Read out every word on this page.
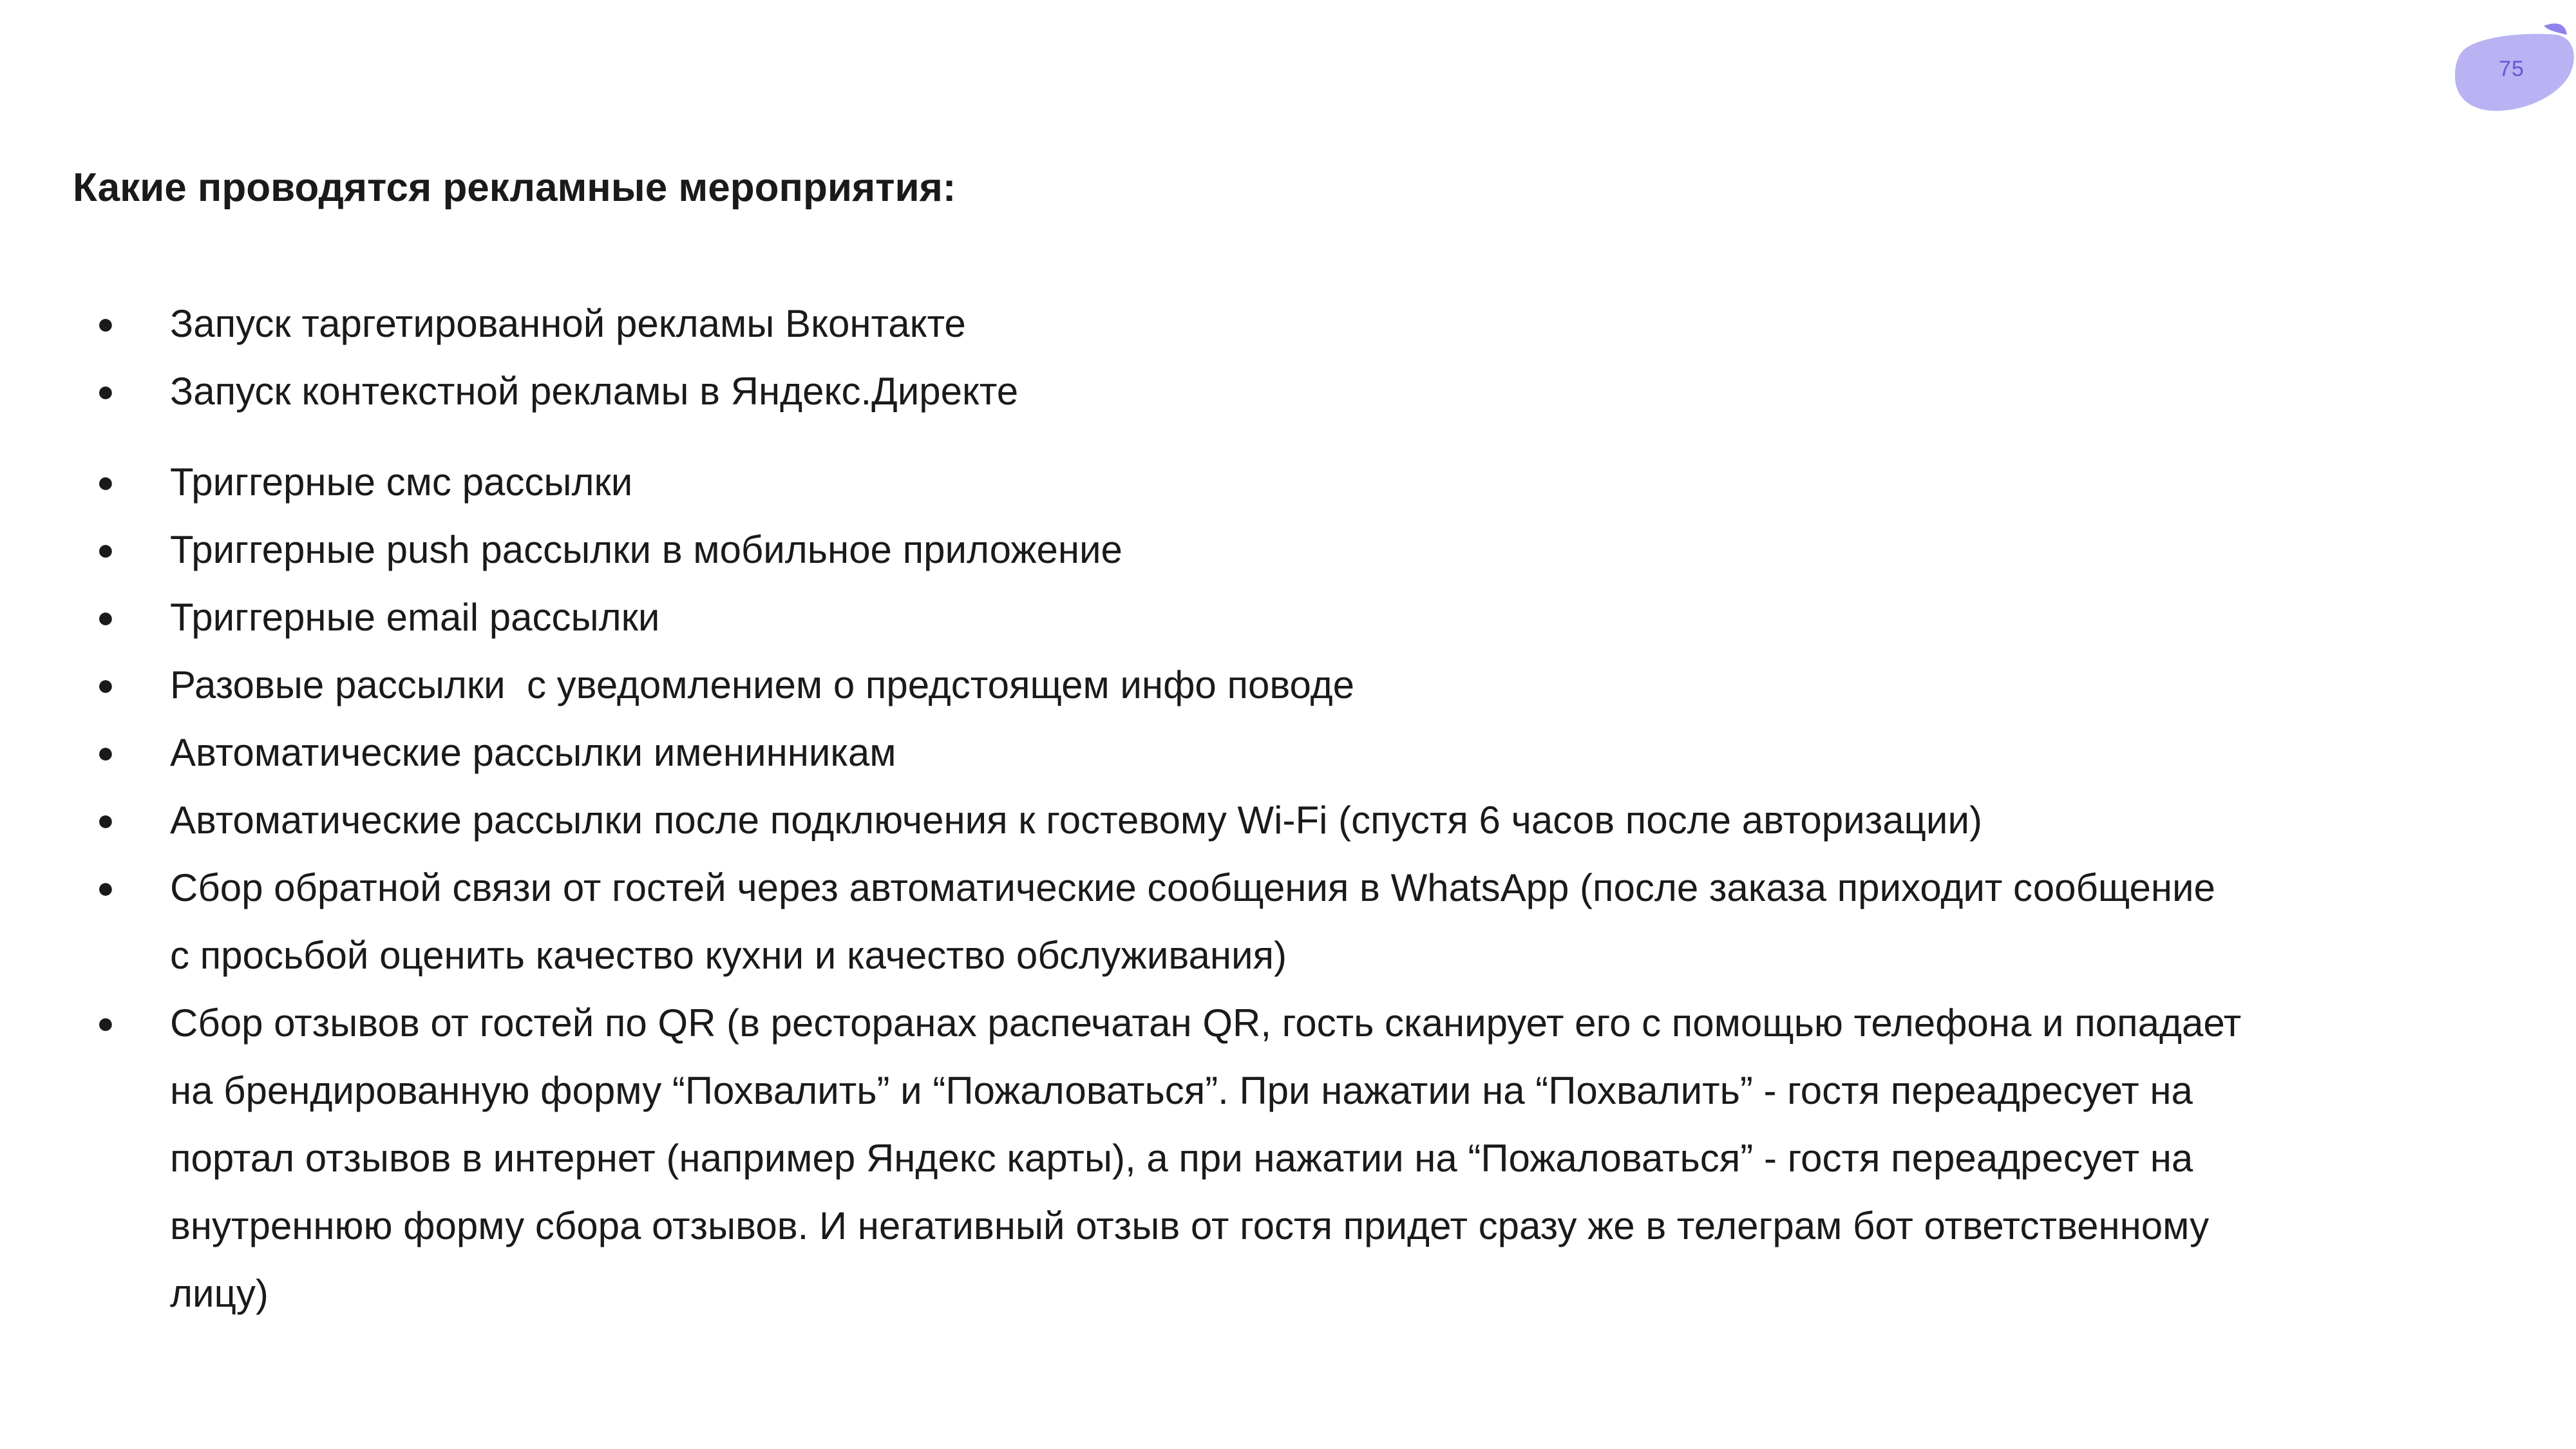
75
Какие проводятся рекламные мероприятия:
● Запуск таргетированной рекламы Вконтакте
● Запуск контекстной рекламы в Яндекс.Директе
● Триггерные смс рассылки
● Триггерные push рассылки в мобильное приложение
● Триггерные email рассылки
● Разовые рассылки  с уведомлением о предстоящем инфо поводе
● Автоматические рассылки именинникам
● Автоматические рассылки после подключения к гостевому Wi-Fi (спустя 6 часов после авторизации)
● Сбор обратной связи от гостей через автоматические сообщения в WhatsApp (после заказа приходит сообщение
с просьбой оценить качество кухни и качество обслуживания)
● Сбор отзывов от гостей по QR (в ресторанах распечатан QR, гость сканирует его с помощью телефона и попадает
на брендированную форму “Похвалить” и “Пожаловаться”. При нажатии на “Похвалить” - гостя переадресует на
портал отзывов в интернет (например Яндекс карты), а при нажатии на “Пожаловаться” - гостя переадресует на
внутреннюю форму сбора отзывов. И негативный отзыв от гостя придет сразу же в телеграм бот ответственному
лицу)
